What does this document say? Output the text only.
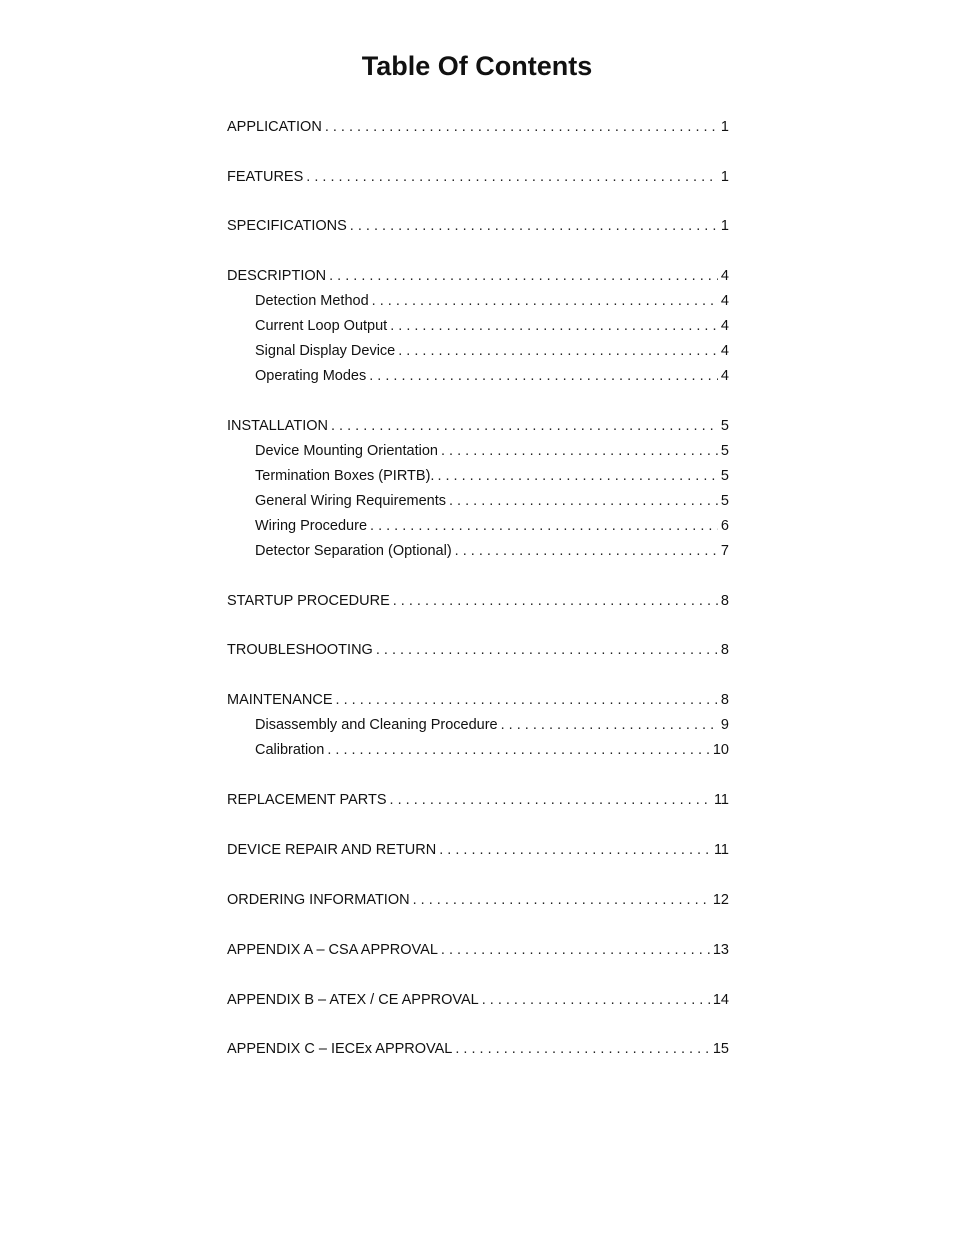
Table Of Contents
APPLICATION . . .	1
FEATURES . . .	1
SPECIFICATIONS . . .	1
DESCRIPTION . . .	4
Detection Method . . .	4
Current Loop Output . . .	4
Signal Display Device . . .	4
Operating Modes . . .	4
INSTALLATION . . .	5
Device Mounting Orientation . . .	5
Termination Boxes (PIRTB). . . .	5
General Wiring Requirements . . .	5
Wiring Procedure . . .	6
Detector Separation (Optional) . . .	7
STARTUP PROCEDURE . . .	8
TROUBLESHOOTING . . .	8
MAINTENANCE . . .	8
Disassembly and Cleaning Procedure . . .	9
Calibration . . .	10
REPLACEMENT PARTS . . .	11
DEVICE REPAIR AND RETURN . . .	11
ORDERING INFORMATION . . .	12
APPENDIX A – CSA APPROVAL . . .	13
APPENDIX B – ATEX / CE APPROVAL . . .	14
APPENDIX C – IECEx APPROVAL . . .	15
